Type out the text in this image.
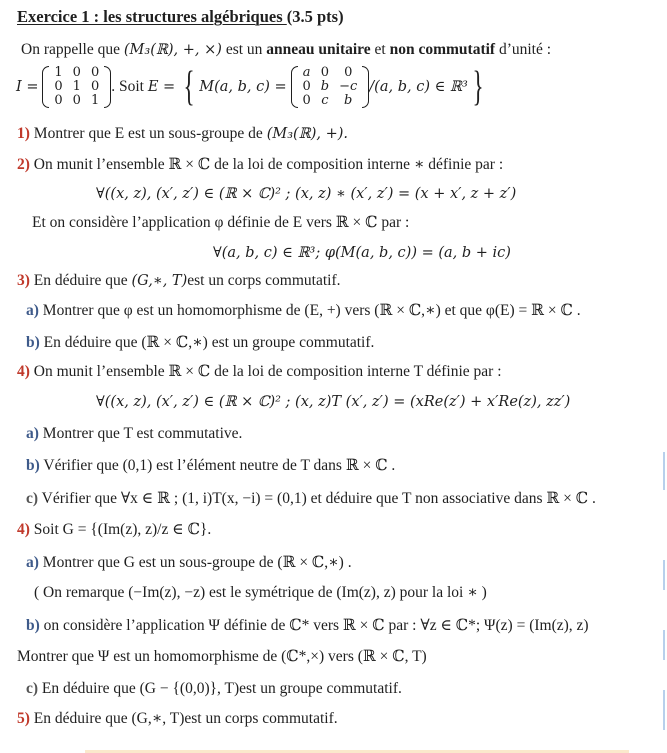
Exercice 1 : les structures algébriques (3.5 pts)
On rappelle que (M₃(ℝ), +, ×) est un anneau unitaire et non commutatif d’unité :
I =
1	0	0
0	1	0
0	0	1
. Soit E = { M(a, b, c) =
a	0	0
0	b	−c
0	c	b
/(a, b, c) ∈ ℝ³ }
1) Montrer que E est un sous-groupe de (M₃(ℝ), +).
2) On munit l’ensemble ℝ × ℂ de la loi de composition interne ∗ définie par :
∀((x, z), (x′, z′) ∈ (ℝ × ℂ)² ; (x, z) ∗ (x′, z′) = (x + x′, z + z′)
Et on considère l’application φ définie de E vers ℝ × ℂ par :
∀(a, b, c) ∈ ℝ³; φ(M(a, b, c)) = (a, b + ic)
3) En déduire que (G,∗, T)est un corps commutatif.
a) Montrer que φ est un homomorphisme de (E, +) vers (ℝ × ℂ,∗) et que φ(E) = ℝ × ℂ .
b) En déduire que (ℝ × ℂ,∗) est un groupe commutatif.
4) On munit l’ensemble ℝ × ℂ de la loi de composition interne T définie par :
∀((x, z), (x′, z′) ∈ (ℝ × ℂ)² ; (x, z)T (x′, z′) = (xRe(z′) + x′Re(z), zz′)
a) Montrer que T est commutative.
b) Vérifier que (0,1) est l’élément neutre de T dans ℝ × ℂ .
c) Vérifier que ∀x ∈ ℝ ; (1, i)T(x, −i) = (0,1) et déduire que T non associative dans ℝ × ℂ .
4) Soit G = {(Im(z), z)/z ∈ ℂ}.
a) Montrer que G est un sous-groupe de (ℝ × ℂ,∗) .
( On remarque (−Im(z), −z) est le symétrique de (Im(z), z) pour la loi ∗ )
b) on considère l’application Ψ définie de ℂ* vers ℝ × ℂ par : ∀z ∈ ℂ*; Ψ(z) = (Im(z), z)
Montrer que Ψ est un homomorphisme de (ℂ*,×) vers (ℝ × ℂ, T)
c) En déduire que (G − {(0,0)}, T)est un groupe commutatif.
5) En déduire que (G,∗, T)est un corps commutatif.
